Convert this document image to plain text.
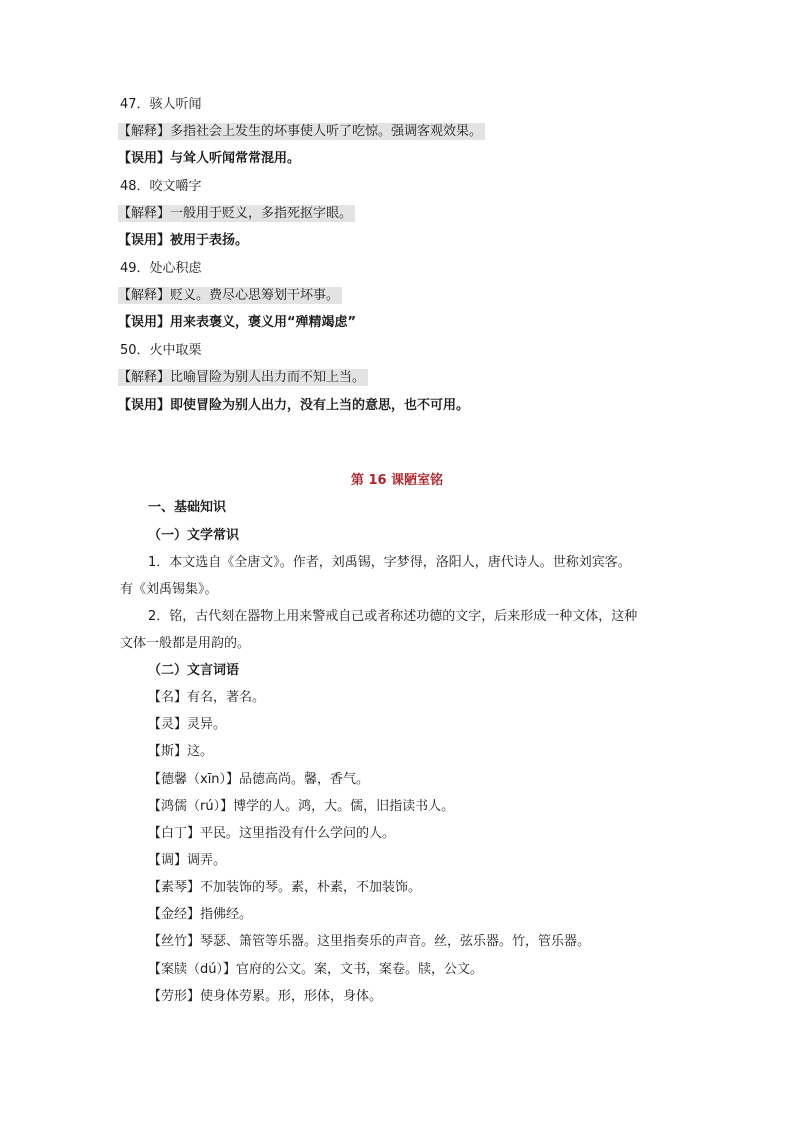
47．骇人听闻
【解释】多指社会上发生的坏事使人听了吃惊。强调客观效果。
【误用】与耸人听闻常常混用。
48．咬文嚼字
【解释】一般用于贬义，多指死抠字眼。
【误用】被用于表扬。
49．处心积虑
【解释】贬义。费尽心思筹划干坏事。
【误用】用来表褒义，褒义用“殚精竭虑”
50．火中取栗
【解释】比喻冒险为别人出力而不知上当。
【误用】即使冒险为别人出力，没有上当的意思，也不可用。
第 16 课陋室铭
一、基础知识
（一）文学常识
1．本文选自《全唐文》。作者，刘禹锡，字梦得，洛阳人，唐代诗人。世称刘宾客。
有《刘禹锡集》。
2．铭，古代刻在器物上用来警戒自己或者称述功德的文字，后来形成一种文体，这种
文体一般都是用韵的。
（二）文言词语
【名】有名，著名。
【灵】灵异。
【斯】这。
【德馨（xīn）】品德高尚。馨，香气。
【鸿儒（rú）】博学的人。鸿，大。儒，旧指读书人。
【白丁】平民。这里指没有什么学问的人。
【调】调弄。
【素琴】不加装饰的琴。素，朴素，不加装饰。
【金经】指佛经。
【丝竹】琴瑟、箫管等乐器。这里指奏乐的声音。丝，弦乐器。竹，管乐器。
【案牍（dú）】官府的公文。案，文书，案卷。牍，公文。
【劳形】使身体劳累。形，形体，身体。
